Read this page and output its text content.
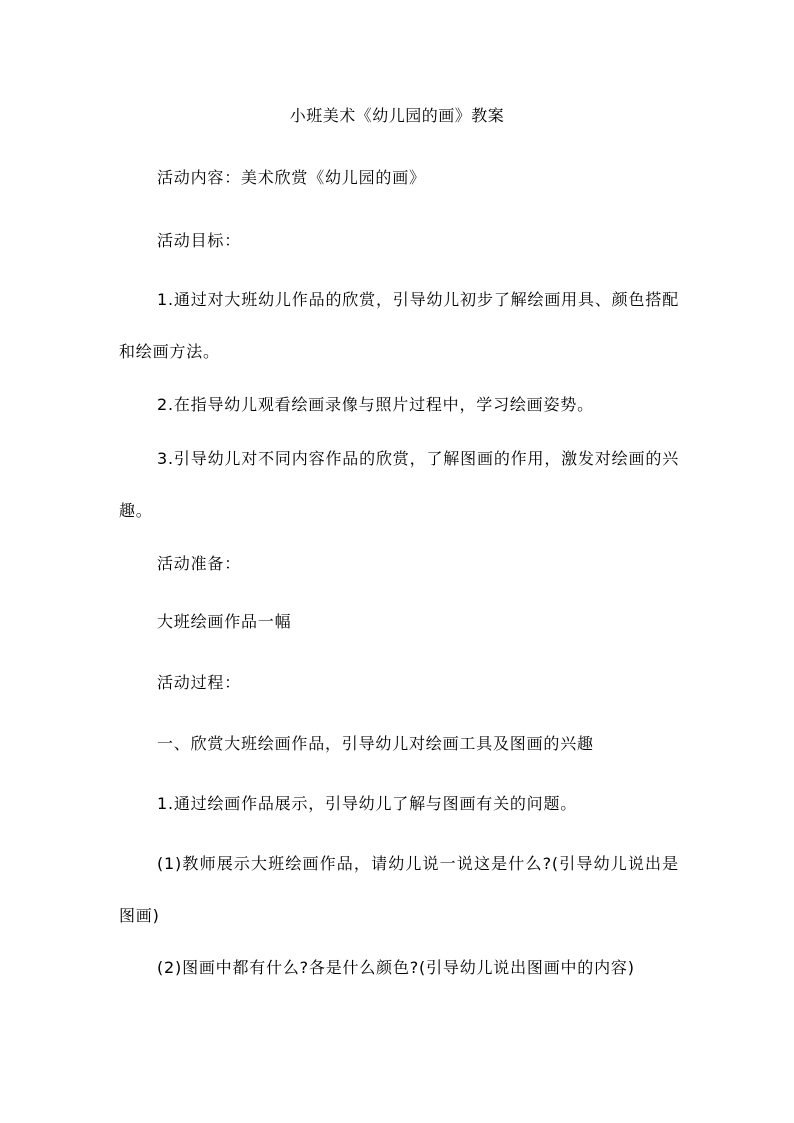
小班美术《幼儿园的画》教案
活动内容：美术欣赏《幼儿园的画》
活动目标：
1.通过对大班幼儿作品的欣赏，引导幼儿初步了解绘画用具、颜色搭配和绘画方法。
2.在指导幼儿观看绘画录像与照片过程中，学习绘画姿势。
3.引导幼儿对不同内容作品的欣赏，了解图画的作用，激发对绘画的兴趣。
活动准备：
大班绘画作品一幅
活动过程：
一、欣赏大班绘画作品，引导幼儿对绘画工具及图画的兴趣
1.通过绘画作品展示，引导幼儿了解与图画有关的问题。
(1)教师展示大班绘画作品，请幼儿说一说这是什么?(引导幼儿说出是图画)
(2)图画中都有什么?各是什么颜色?(引导幼儿说出图画中的内容)
